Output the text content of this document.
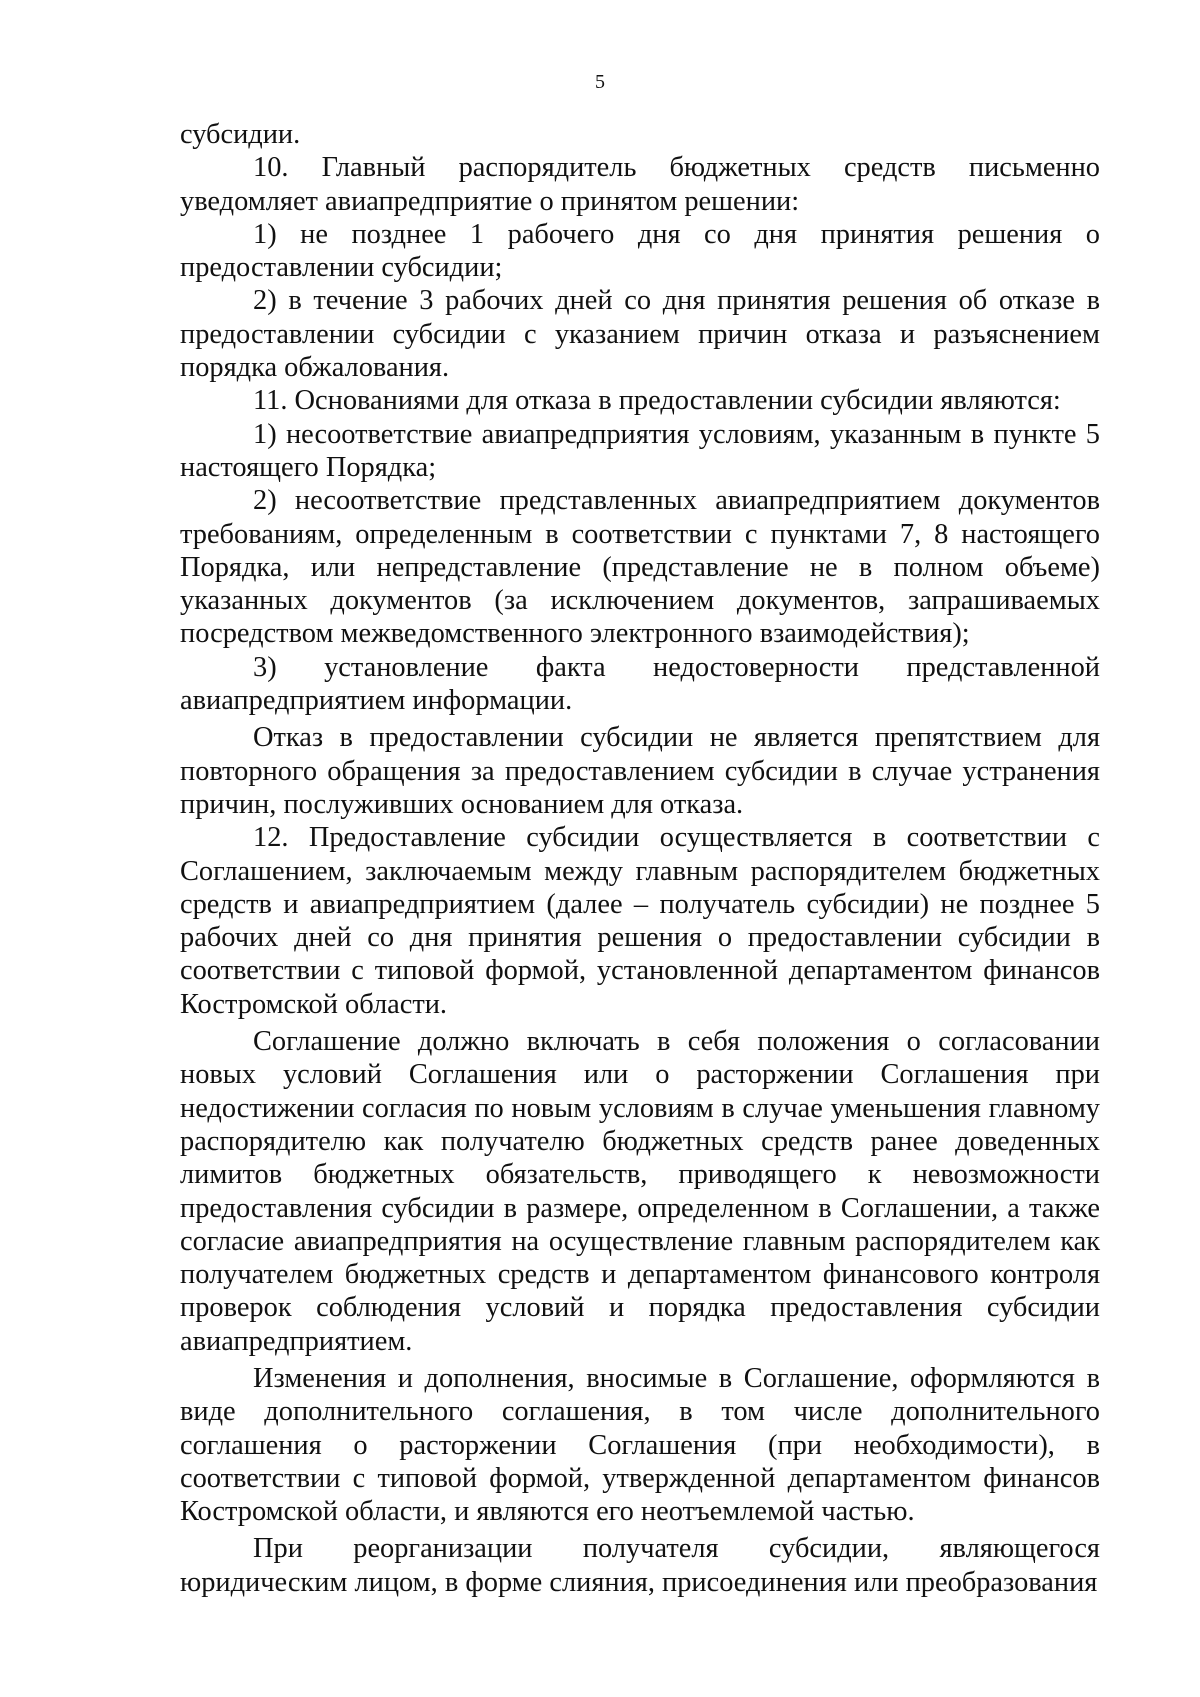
5

субсидии.

10. Главный распорядитель бюджетных средств письменно уведомляет авиапредприятие о принятом решении:

1) не позднее 1 рабочего дня со дня принятия решения о предоставлении субсидии;

2) в течение 3 рабочих дней со дня принятия решения об отказе в предоставлении субсидии с указанием причин отказа и разъяснением порядка обжалования.

11. Основаниями для отказа в предоставлении субсидии являются:

1) несоответствие авиапредприятия условиям, указанным в пункте 5 настоящего Порядка;

2) несоответствие представленных авиапредприятием документов требованиям, определенным в соответствии с пунктами 7, 8 настоящего Порядка, или непредставление (представление не в полном объеме) указанных документов (за исключением документов, запрашиваемых посредством межведомственного электронного взаимодействия);

3) установление факта недостоверности представленной авиапредприятием информации.

Отказ в предоставлении субсидии не является препятствием для повторного обращения за предоставлением субсидии в случае устранения причин, послуживших основанием для отказа.

12. Предоставление субсидии осуществляется в соответствии с Соглашением, заключаемым между главным распорядителем бюджетных средств и авиапредприятием (далее – получатель субсидии) не позднее 5 рабочих дней со дня принятия решения о предоставлении субсидии в соответствии с типовой формой, установленной департаментом финансов Костромской области.

Соглашение должно включать в себя положения о согласовании новых условий Соглашения или о расторжении Соглашения при недостижении согласия по новым условиям в случае уменьшения главному распорядителю как получателю бюджетных средств ранее доведенных лимитов бюджетных обязательств, приводящего к невозможности предоставления субсидии в размере, определенном в Соглашении, а также согласие авиапредприятия на осуществление главным распорядителем как получателем бюджетных средств и департаментом финансового контроля проверок соблюдения условий и порядка предоставления субсидии авиапредприятием.

Изменения и дополнения, вносимые в Соглашение, оформляются в виде дополнительного соглашения, в том числе дополнительного соглашения о расторжении Соглашения (при необходимости), в соответствии с типовой формой, утвержденной департаментом финансов Костромской области, и являются его неотъемлемой частью.

При реорганизации получателя субсидии, являющегося юридическим лицом, в форме слияния, присоединения или преобразования
